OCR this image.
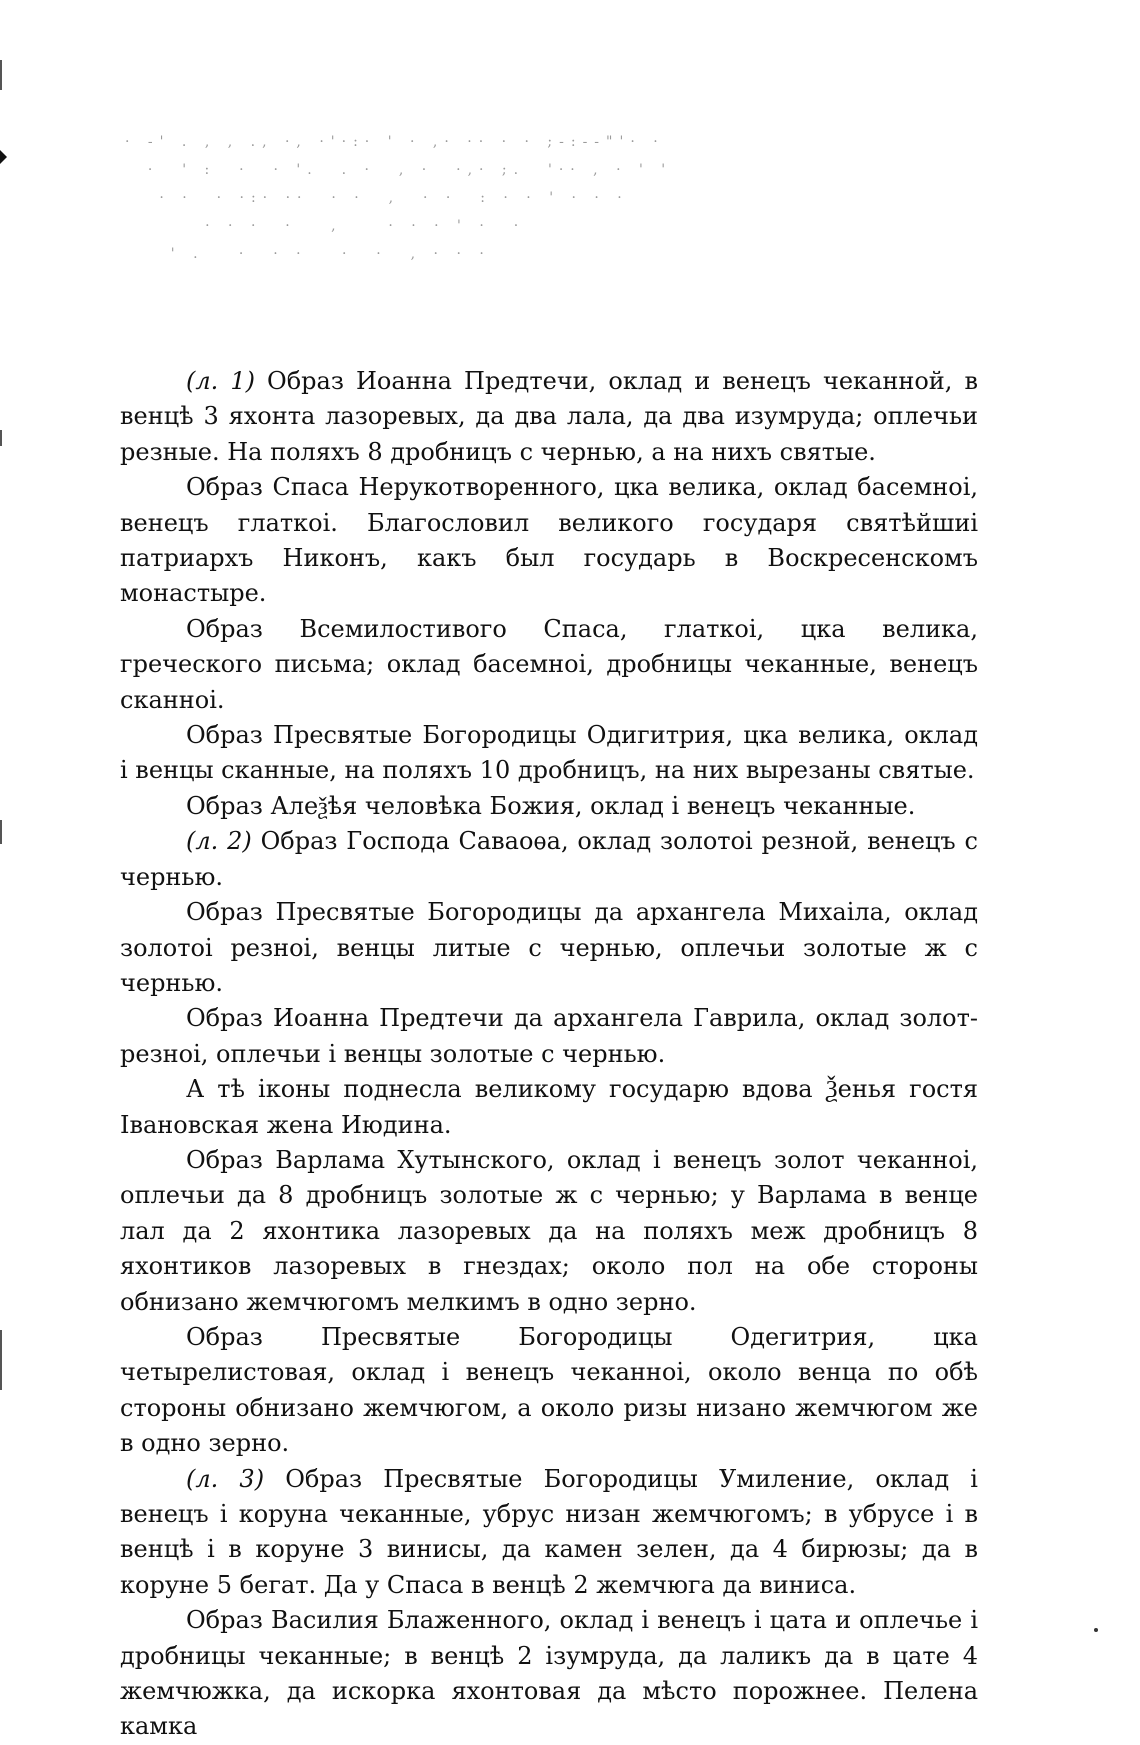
· -' . , , ., ·, ·'·:· ' · ,· ·· · · ;-:--"'· ·
·  ' :  ·  · '.  . ·  , ·  ·,· ;.  '·· , · ' '
· ·  · ·:· ··  · ·  ,  · ·  : · · ' · · ·
· · ·  ·   ,    · · · ' ·  ·
' .   ·  · ·   ·  ·  , · · ·

(л. 1) Образ Иоанна Предтечи, оклад и венецъ чеканной, в венцѣ 3 яхонта лазоревых, да два лала, да два изумруда; оплечьи резные. На поляхъ 8 дробницъ с чернью, а на нихъ святые.

Образ Спаса Нерукотворенного, цка велика, оклад басемноі, венецъ глаткоі. Благословил великого государя святѣйшиі патриархъ Никонъ, какъ был государь в Воскресенскомъ монастыре.

Образ Всемилостивого Спаса, глаткоі, цка велика, греческого письма; оклад басемноі, дробницы чеканные, венецъ сканноі.

Образ Пресвятые Богородицы Одигитрия, цка велика, оклад і венцы сканные, на поляхъ 10 дробницъ, на них вырезаны святые.

Образ Алеѯѣя человѣка Божия, оклад і венецъ чеканные.

(л. 2) Образ Господа Саваоѳа, оклад золотоі резной, венецъ с чернью.

Образ Пресвятые Богородицы да архангела Михаіла, оклад золотоі резноі, венцы литые с чернью, оплечьи золотые ж с чернью.

Образ Иоанна Предтечи да архангела Гаврила, оклад золот-резноі, оплечьи і венцы золотые с чернью.

А тѣ іконы поднесла великому государю вдова Ѯенья гостя Івановская жена Июдина.

Образ Варлама Хутынского, оклад і венецъ золот чеканноі, оплечьи да 8 дробницъ золотые ж с чернью; у Варлама в венце лал да 2 яхонтика лазоревых да на поляхъ меж дробницъ 8 яхонтиков лазоревых в гнездах; около пол на обе стороны обнизано жемчюгомъ мелкимъ в одно зерно.

Образ Пресвятые Богородицы Одегитрия, цка четырелистовая, оклад і венецъ чеканноі, около венца по обѣ стороны обнизано жемчюгом, а около ризы низано жемчюгом же в одно зерно.

(л. 3) Образ Пресвятые Богородицы Умиление, оклад і венецъ і коруна чеканные, убрус низан жемчюгомъ; в убрусе і в венцѣ і в коруне 3 винисы, да камен зелен, да 4 бирюзы; да в коруне 5 бегат. Да у Спаса в венцѣ 2 жемчюга да виниса.

Образ Василия Блаженного, оклад і венецъ і цата и оплечье і дробницы чеканные; в венцѣ 2 ізумруда, да лаликъ да в цате 4 жемчюжка, да искорка яхонтовая да мѣсто порожнее. Пелена камка
